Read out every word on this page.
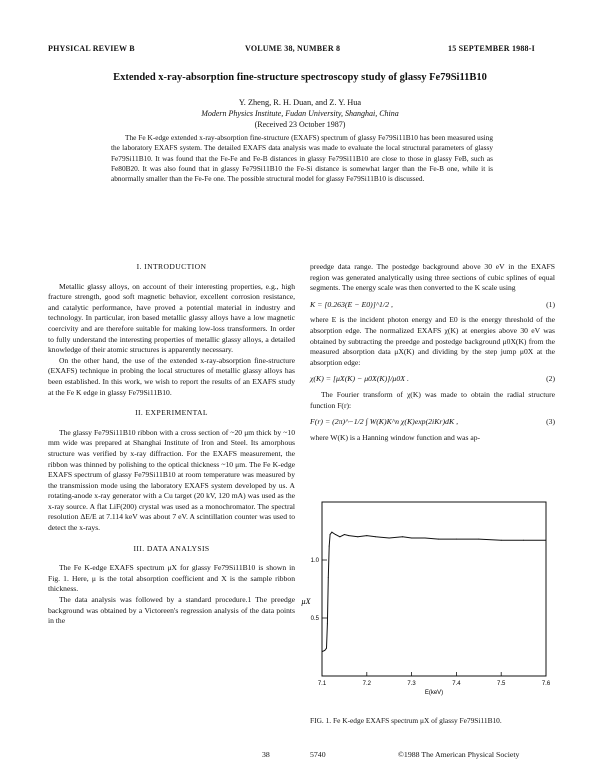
PHYSICAL REVIEW B	VOLUME 38, NUMBER 8	15 SEPTEMBER 1988-I
Extended x-ray-absorption fine-structure spectroscopy study of glassy Fe79Si11B10
Y. Zheng, R. H. Duan, and Z. Y. Hua
Modern Physics Institute, Fudan University, Shanghai, China
(Received 23 October 1987)
The Fe K-edge extended x-ray-absorption fine-structure (EXAFS) spectrum of glassy Fe79Si11B10 has been measured using the laboratory EXAFS system. The detailed EXAFS data analysis was made to evaluate the local structural parameters of glassy Fe79Si11B10. It was found that the Fe-Fe and Fe-B distances in glassy Fe79Si11B10 are close to those in glassy FeB, such as Fe80B20. It was also found that in glassy Fe79Si11B10 the Fe-Si distance is somewhat larger than the Fe-B one, while it is abnormally smaller than the Fe-Fe one. The possible structural model for glassy Fe79Si11B10 is discussed.
I. INTRODUCTION

Metallic glassy alloys, on account of their interesting properties, e.g., high fracture strength, good soft magnetic behavior, excellent corrosion resistance, and catalytic performance, have proved a potential material in industry and technology. In particular, iron based metallic glassy alloys have a low magnetic coercivity and are therefore suitable for making low-loss transformers. In order to fully understand the interesting properties of metallic glassy alloys, a detailed knowledge of their atomic structures is apparently necessary.

On the other hand, the use of the extended x-ray-absorption fine-structure (EXAFS) technique in probing the local structures of metallic glassy alloys has been established. In this work, we wish to report the results of an EXAFS study at the Fe K edge in glassy Fe79Si11B10.

II. EXPERIMENTAL

The glassy Fe79Si11B10 ribbon with a cross section of ~20 μm thick by ~10 mm wide was prepared at Shanghai Institute of Iron and Steel. Its amorphous structure was verified by x-ray diffraction. For the EXAFS measurement, the ribbon was thinned by polishing to the optical thickness ~10 μm. The Fe K-edge EXAFS spectrum of glassy Fe79Si11B10 at room temperature was measured by the transmission mode using the laboratory EXAFS system developed by us. A rotating-anode x-ray generator with a Cu target (20 kV, 120 mA) was used as the x-ray source. A flat LiF(200) crystal was used as a monochromator. The spectral resolution ΔE/E at 7.114 keV was about 7 eV. A scintillation counter was used to detect the x-rays.

III. DATA ANALYSIS

The Fe K-edge EXAFS spectrum μX for glassy Fe79Si11B10 is shown in Fig. 1. Here, μ is the total absorption coefficient and X is the sample ribbon thickness.

The data analysis was followed by a standard procedure.1 The preedge background was obtained by a Victoreen's regression analysis of the data points in the

preedge data range. The postedge background above 30 eV in the EXAFS region was generated analytically using three sections of cubic splines of equal segments. The energy scale was then converted to the K scale using

K = [0.263(E − E0)]^1/2 ,	(1)

where E is the incident photon energy and E0 is the energy threshold of the absorption edge. The normalized EXAFS χ(K) at energies above 30 eV was obtained by subtracting the preedge and postedge background μ0X(K) from the measured absorption data μX(K) and dividing by the step jump μ0X at the absorption edge:

χ(K) = [μX(K) − μ0X(K)]/μ0X .	(2)

The Fourier transform of χ(K) was made to obtain the radial structure function F(r):

F(r) = (2π)^−1/2 ∫ W(K)K^n χ(K)exp(2iKr)dK ,	(3)

where W(K) is a Hanning window function and was ap-

1.0
0.5
7.1	7.2	7.3	7.4	7.5	7.6
μX
E(keV)
FIG. 1. Fe K-edge EXAFS spectrum μX of glassy Fe79Si11B10.
38	5740	©1988 The American Physical Society
